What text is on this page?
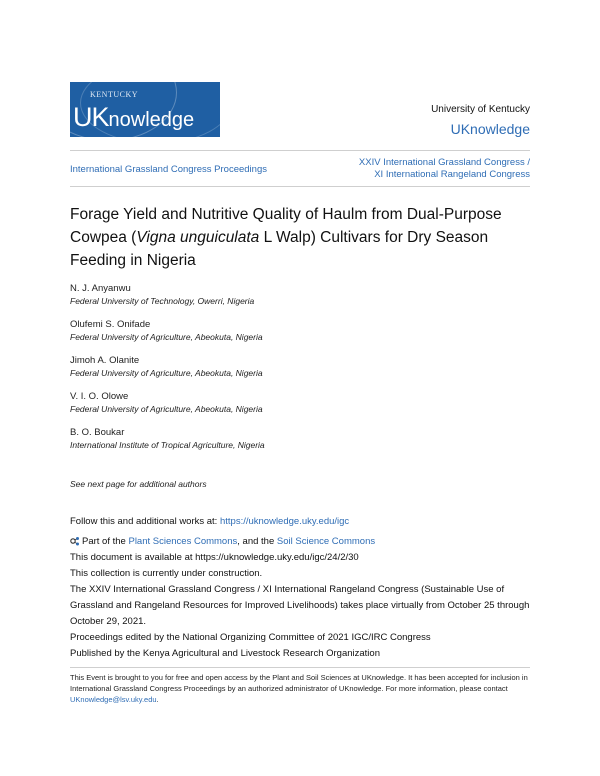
KENTUCKY
UKnowledge	University of Kentucky
UKnowledge
International Grassland Congress Proceedings
XXIV International Grassland Congress /
XI International Rangeland Congress
Forage Yield and Nutritive Quality of Haulm from Dual-Purpose Cowpea (Vigna unguiculata L Walp) Cultivars for Dry Season Feeding in Nigeria
N. J. Anyanwu
Federal University of Technology, Owerri, Nigeria
Olufemi S. Onifade
Federal University of Agriculture, Abeokuta, Nigeria
Jimoh A. Olanite
Federal University of Agriculture, Abeokuta, Nigeria
V. I. O. Olowe
Federal University of Agriculture, Abeokuta, Nigeria
B. O. Boukar
International Institute of Tropical Agriculture, Nigeria
See next page for additional authors
Follow this and additional works at: https://uknowledge.uky.edu/igc
Part of the Plant Sciences Commons, and the Soil Science Commons
This document is available at https://uknowledge.uky.edu/igc/24/2/30
This collection is currently under construction.
The XXIV International Grassland Congress / XI International Rangeland Congress (Sustainable Use of Grassland and Rangeland Resources for Improved Livelihoods) takes place virtually from October 25 through October 29, 2021.
Proceedings edited by the National Organizing Committee of 2021 IGC/IRC Congress
Published by the Kenya Agricultural and Livestock Research Organization
This Event is brought to you for free and open access by the Plant and Soil Sciences at UKnowledge. It has been accepted for inclusion in International Grassland Congress Proceedings by an authorized administrator of UKnowledge. For more information, please contact UKnowledge@lsv.uky.edu.
